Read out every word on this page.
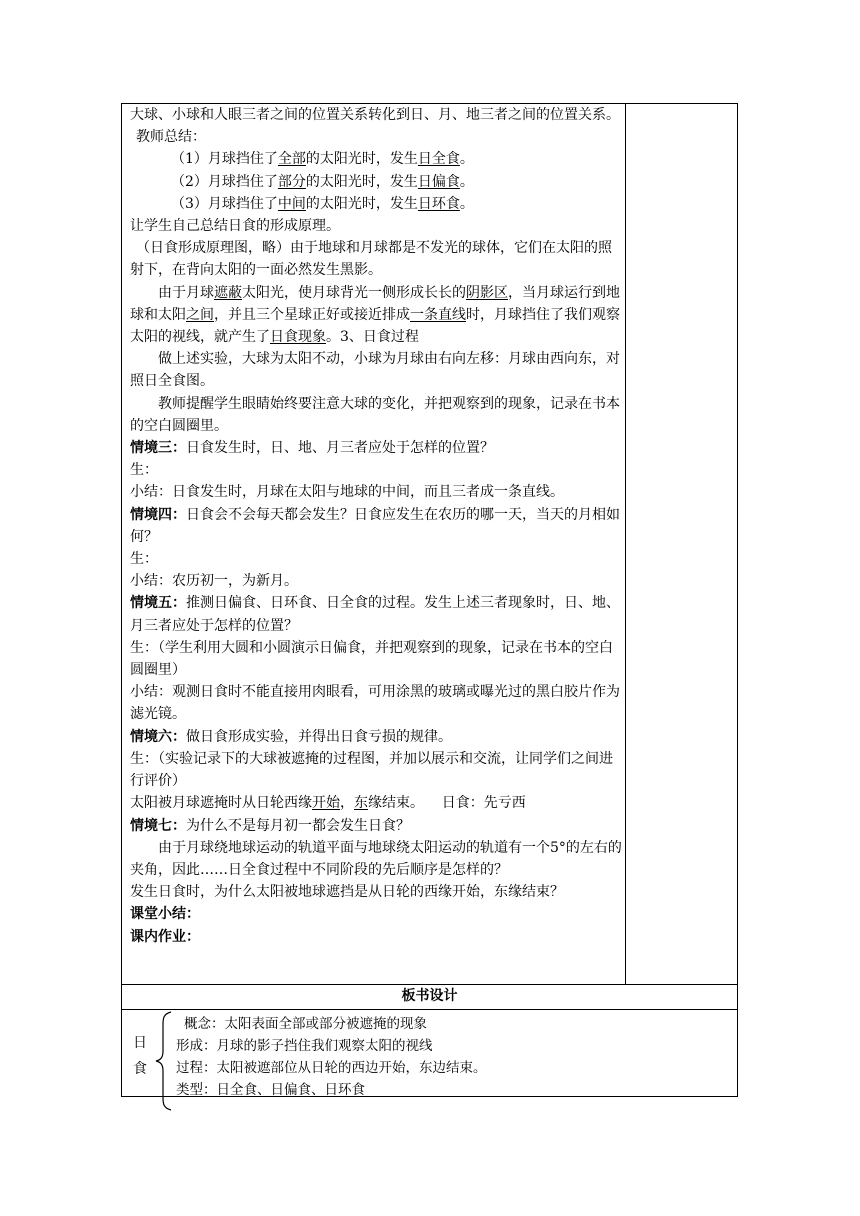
大球、小球和人眼三者之间的位置关系转化到日、月、地三者之间的位置关系。

教师总结：

（1）月球挡住了全部的太阳光时，发生日全食。

（2）月球挡住了部分的太阳光时，发生日偏食。

（3）月球挡住了中间的太阳光时，发生日环食。

让学生自己总结日食的形成原理。

（日食形成原理图，略）由于地球和月球都是不发光的球体，它们在太阳的照射下，在背向太阳的一面必然发生黑影。

由于月球遮蔽太阳光，使月球背光一侧形成长长的阴影区，当月球运行到地球和太阳之间，并且三个星球正好或接近排成一条直线时，月球挡住了我们观察太阳的视线，就产生了日食现象。3、日食过程

做上述实验，大球为太阳不动，小球为月球由右向左移：月球由西向东，对照日全食图。

教师提醒学生眼睛始终要注意大球的变化，并把观察到的现象，记录在书本的空白圆圈里。

情境三：日食发生时，日、地、月三者应处于怎样的位置？

生：

小结：日食发生时，月球在太阳与地球的中间，而且三者成一条直线。

情境四：日食会不会每天都会发生？日食应发生在农历的哪一天，当天的月相如何？

生：

小结：农历初一，为新月。

情境五：推测日偏食、日环食、日全食的过程。发生上述三者现象时，日、地、月三者应处于怎样的位置？

生：（学生利用大圆和小圆演示日偏食，并把观察到的现象，记录在书本的空白圆圈里）

小结：观测日食时不能直接用肉眼看，可用涂黑的玻璃或曝光过的黑白胶片作为滤光镜。

情境六：做日食形成实验，并得出日食亏损的规律。

生：（实验记录下的大球被遮掩的过程图，并加以展示和交流，让同学们之间进行评价）

太阳被月球遮掩时从日轮西缘开始，东缘结束。    日食：先亏西

情境七：为什么不是每月初一都会发生日食？

由于月球绕地球运动的轨道平面与地球绕太阳运动的轨道有一个5°的左右的夹角，因此……日全食过程中不同阶段的先后顺序是怎样的？

发生日食时，为什么太阳被地球遮挡是从日轮的西缘开始，东缘结束？

课堂小结：

课内作业：

板书设计
日
食

概念：太阳表面全部或部分被遮掩的现象

形成：月球的影子挡住我们观察太阳的视线

过程：太阳被遮部位从日轮的西边开始，东边结束。

类型：日全食、日偏食、日环食
